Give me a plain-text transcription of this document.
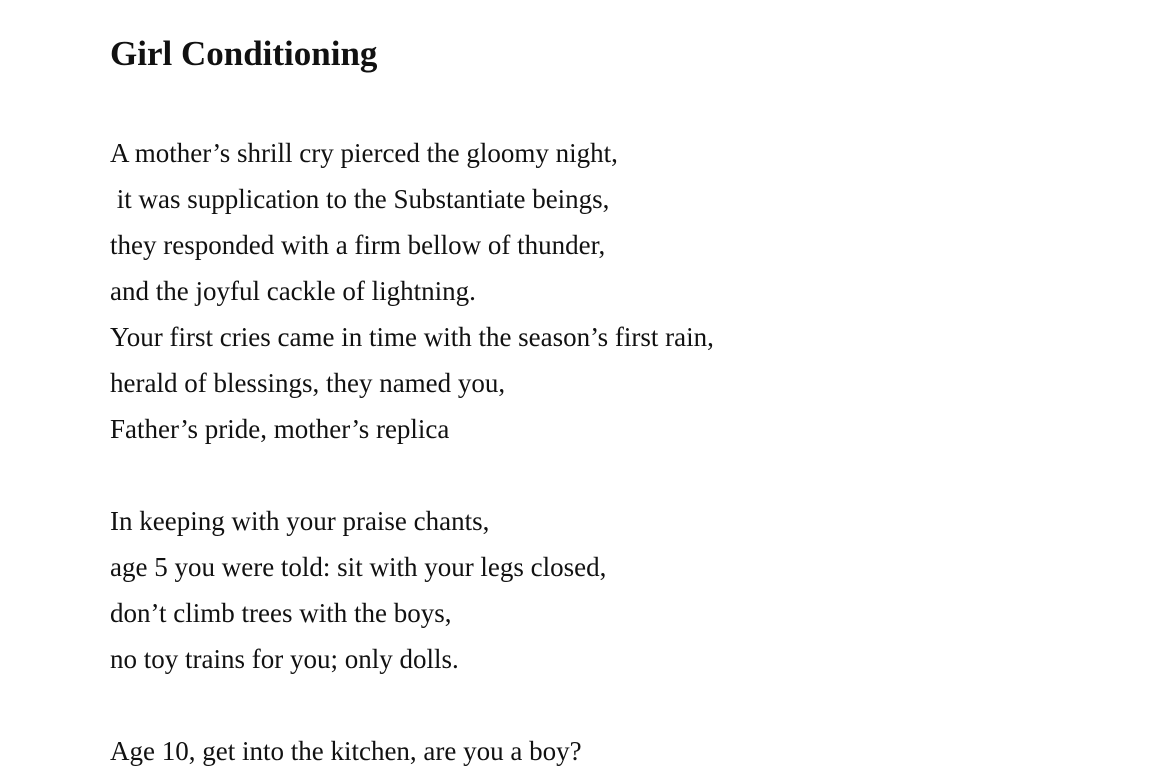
Girl Conditioning
A mother’s shrill cry pierced the gloomy night,
it was supplication to the Substantiate beings,
they responded with a firm bellow of thunder,
and the joyful cackle of lightning.
Your first cries came in time with the season’s first rain,
herald of blessings, they named you,
Father’s pride, mother’s replica
In keeping with your praise chants,
age 5 you were told: sit with your legs closed,
don’t climb trees with the boys,
no toy trains for you; only dolls.
Age 10, get into the kitchen, are you a boy?
